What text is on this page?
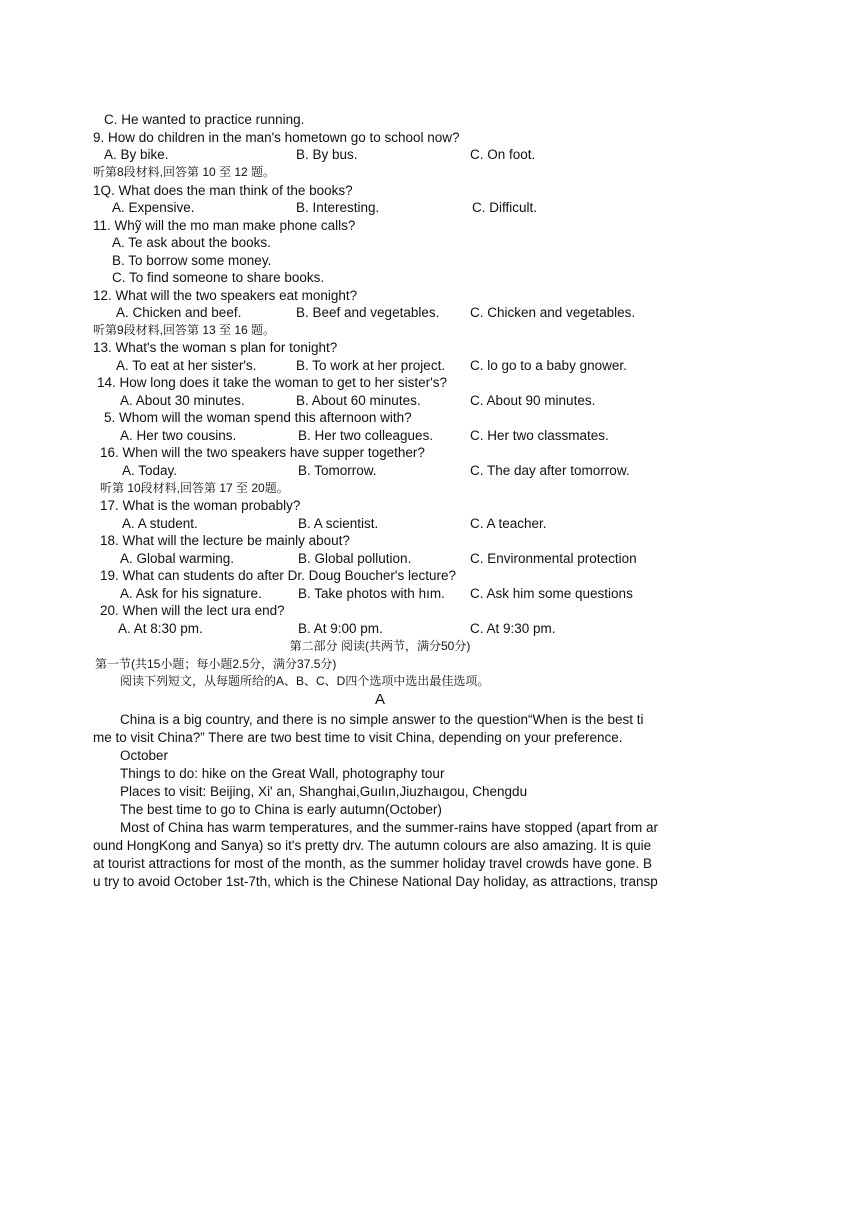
C. He wanted to practice running.
9. How do children in the man's hometown go to school now?
A. By bike.	B. By bus.	C. On foot.
听第8段材料,回答第 10 至 12 题。
1Q. What does the man think of the books?
A. Expensive.	B. Interesting.	C. Difficult.
11. Whỹ will the mo man make phone calls?
A. Te ask about the books.
B. To borrow some money.
C. To find someone to share books.
12. What will the two speakers eat monight?
A. Chicken and beef.	B. Beef and vegetables. C. Chicken and vegetables.
听第9段材料,回答第 13 至 16 题。
13. What's the woman s plan for tonight?
A. To eat at her sister's.	B. To work at her project. C. lo go to a baby gnower.
14. How long does it take the woman to get to her sister's?
A. About 30 minutes.	B. About 60 minutes.	C. About 90 minutes.
5. Whom will the woman spend this afternoon with?
A. Her two cousins.	B. Her two colleagues.	C. Her two classmates.
16. When will the two speakers have supper together?
A. Today.	B. Tomorrow.	C. The day after tomorrow.
听第 10段材料,回答第 17 至 20题。
17. What is the woman probably?
A. A student.	B. A scientist.	C. A teacher.
18. What will the lecture be mainly about?
A. Global warming.	B. Global pollution.	C. Environmental protection
19. What can students do after Dr. Doug Boucher's lecture?
A. Ask for his signature.	B. Take photos with hım. C. Ask him some questions
20. When will the lect ura end?
A. At 8:30 pm.	B. At 9:00 pm.	C. At 9:30 pm.
第二部分 阅读(共两节，满分50分)
第一节(共15小题；每小题2.5分，满分37.5分)
阅读下列短文，从每题所给的A、B、C、D四个选项中选出最佳选项。
A
China is a big country, and there is no simple answer to the question“When is the best ti
me to visit China?” There are two best time to visit China, depending on your preference.
October
Things to do: hike on the Great Wall, photography tour
Places to visit: Beijing, Xi' an, Shanghai,Guılın,Jiuzhaıgou, Chengdu
The best time to go to China is early autumn(October)
Most of China has warm temperatures, and the summer-rains have stopped (apart from ar
ound HongKong and Sanya) so it's pretty drv. The autumn colours are also amazing. It is quie
at tourist attractions for most of the month, as the summer holiday travel crowds have gone. B
u try to avoid October 1st-7th, which is the Chinese National Day holiday, as attractions, transp
